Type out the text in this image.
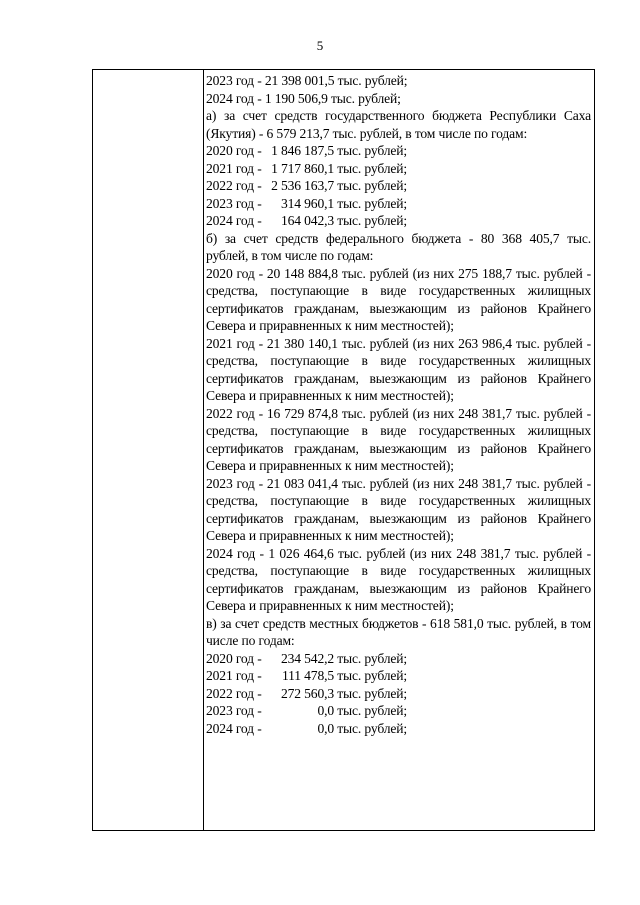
5
2023 год - 21 398 001,5 тыс. рублей;
2024 год - 1 190 506,9 тыс. рублей;
а) за счет средств государственного бюджета Республики Саха (Якутия) - 6 579 213,7 тыс. рублей, в том числе по годам:
2020 год - 1 846 187,5 тыс. рублей;
2021 год - 1 717 860,1 тыс. рублей;
2022 год - 2 536 163,7 тыс. рублей;
2023 год - 314 960,1 тыс. рублей;
2024 год - 164 042,3 тыс. рублей;
б) за счет средств федерального бюджета - 80 368 405,7 тыс. рублей, в том числе по годам:
2020 год - 20 148 884,8 тыс. рублей (из них 275 188,7 тыс. рублей - средства, поступающие в виде государственных жилищных сертификатов гражданам, выезжающим из районов Крайнего Севера и приравненных к ним местностей);
2021 год - 21 380 140,1 тыс. рублей (из них 263 986,4 тыс. рублей - средства, поступающие в виде государственных жилищных сертификатов гражданам, выезжающим из районов Крайнего Севера и приравненных к ним местностей);
2022 год - 16 729 874,8 тыс. рублей (из них 248 381,7 тыс. рублей - средства, поступающие в виде государственных жилищных сертификатов гражданам, выезжающим из районов Крайнего Севера и приравненных к ним местностей);
2023 год - 21 083 041,4 тыс. рублей (из них 248 381,7 тыс. рублей - средства, поступающие в виде государственных жилищных сертификатов гражданам, выезжающим из районов Крайнего Севера и приравненных к ним местностей);
2024 год - 1 026 464,6 тыс. рублей (из них 248 381,7 тыс. рублей - средства, поступающие в виде государственных жилищных сертификатов гражданам, выезжающим из районов Крайнего Севера и приравненных к ним местностей);
в) за счет средств местных бюджетов - 618 581,0 тыс. рублей, в том числе по годам:
2020 год - 234 542,2 тыс. рублей;
2021 год - 111 478,5 тыс. рублей;
2022 год - 272 560,3 тыс. рублей;
2023 год -	0,0 тыс. рублей;
2024 год -	0,0 тыс. рублей;
